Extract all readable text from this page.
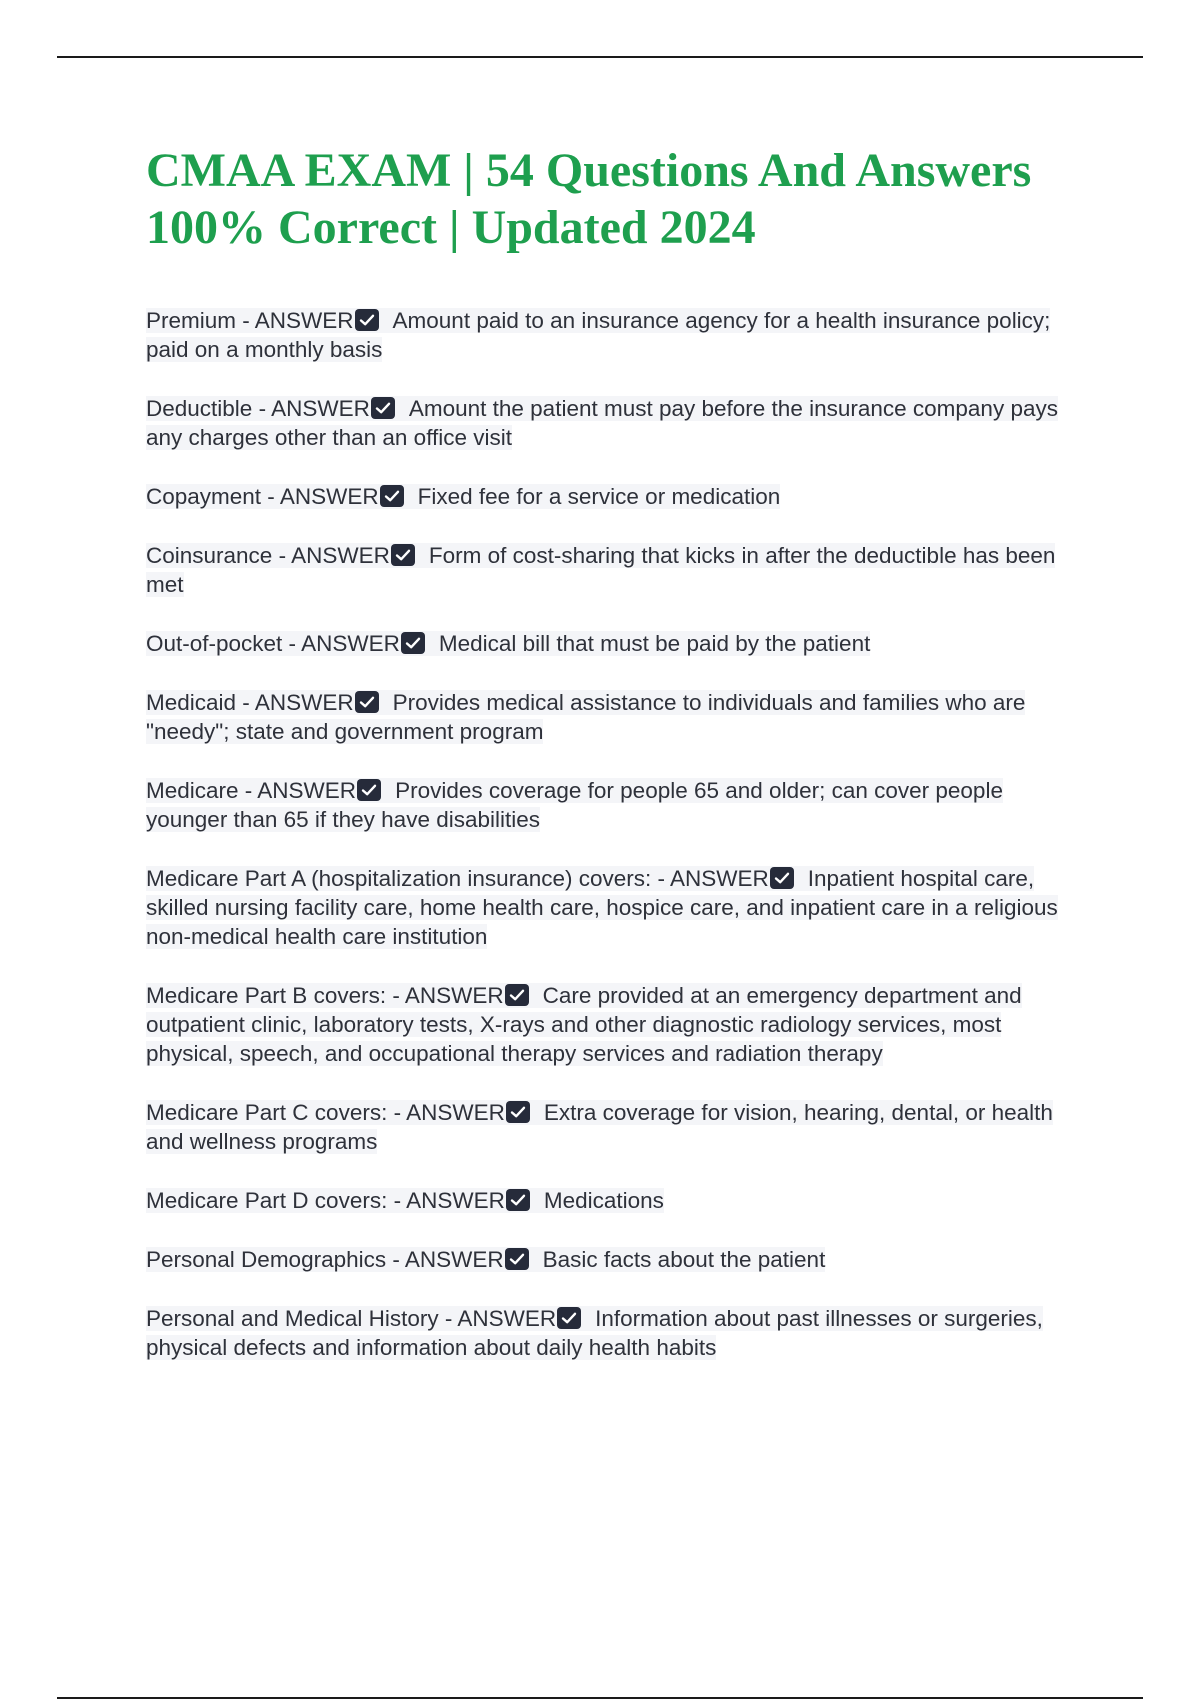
CMAA EXAM | 54 Questions And Answers 100% Correct | Updated 2024
Premium - ANSWER Amount paid to an insurance agency for a health insurance policy; paid on a monthly basis
Deductible - ANSWER Amount the patient must pay before the insurance company pays any charges other than an office visit
Copayment - ANSWER Fixed fee for a service or medication
Coinsurance - ANSWER Form of cost-sharing that kicks in after the deductible has been met
Out-of-pocket - ANSWER Medical bill that must be paid by the patient
Medicaid - ANSWER Provides medical assistance to individuals and families who are "needy"; state and government program
Medicare - ANSWER Provides coverage for people 65 and older; can cover people younger than 65 if they have disabilities
Medicare Part A (hospitalization insurance) covers: - ANSWER Inpatient hospital care, skilled nursing facility care, home health care, hospice care, and inpatient care in a religious non-medical health care institution
Medicare Part B covers: - ANSWER Care provided at an emergency department and outpatient clinic, laboratory tests, X-rays and other diagnostic radiology services, most physical, speech, and occupational therapy services and radiation therapy
Medicare Part C covers: - ANSWER Extra coverage for vision, hearing, dental, or health and wellness programs
Medicare Part D covers: - ANSWER Medications
Personal Demographics - ANSWER Basic facts about the patient
Personal and Medical History - ANSWER Information about past illnesses or surgeries, physical defects and information about daily health habits
